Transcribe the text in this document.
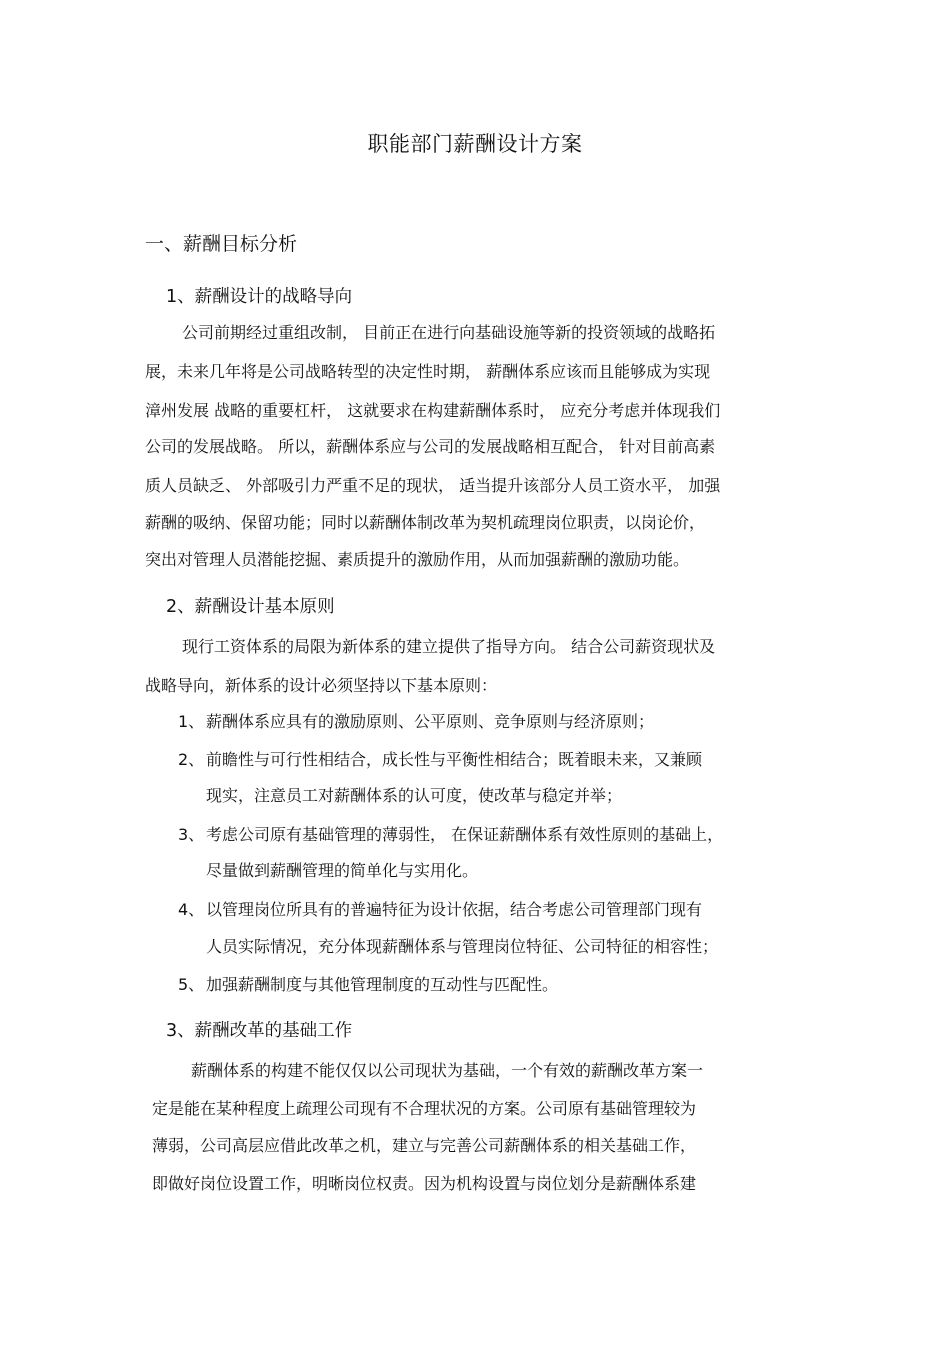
职能部门薪酬设计方案
一、薪酬目标分析
1、薪酬设计的战略导向
公司前期经过重组改制， 目前正在进行向基础设施等新的投资领域的战略拓
展，未来几年将是公司战略转型的决定性时期， 薪酬体系应该而且能够成为实现
漳州发展 战略的重要杠杆， 这就要求在构建薪酬体系时， 应充分考虑并体现我们
公司的发展战略。 所以，薪酬体系应与公司的发展战略相互配合， 针对目前高素
质人员缺乏、 外部吸引力严重不足的现状， 适当提升该部分人员工资水平， 加强
薪酬的吸纳、保留功能；同时以薪酬体制改革为契机疏理岗位职责，以岗论价，
突出对管理人员潜能挖掘、素质提升的激励作用，从而加强薪酬的激励功能。
2、薪酬设计基本原则
现行工资体系的局限为新体系的建立提供了指导方向。 结合公司薪资现状及
战略导向，新体系的设计必须坚持以下基本原则：
1、 薪酬体系应具有的激励原则、公平原则、竞争原则与经济原则；
2、 前瞻性与可行性相结合，成长性与平衡性相结合；既着眼未来，又兼顾
现实，注意员工对薪酬体系的认可度，使改革与稳定并举；
3、 考虑公司原有基础管理的薄弱性， 在保证薪酬体系有效性原则的基础上，
尽量做到薪酬管理的简单化与实用化。
4、 以管理岗位所具有的普遍特征为设计依据，结合考虑公司管理部门现有
人员实际情况，充分体现薪酬体系与管理岗位特征、公司特征的相容性；
5、 加强薪酬制度与其他管理制度的互动性与匹配性。
3、薪酬改革的基础工作
薪酬体系的构建不能仅仅以公司现状为基础，一个有效的薪酬改革方案一
定是能在某种程度上疏理公司现有不合理状况的方案。公司原有基础管理较为
薄弱，公司高层应借此改革之机，建立与完善公司薪酬体系的相关基础工作，
即做好岗位设置工作，明晰岗位权责。因为机构设置与岗位划分是薪酬体系建
